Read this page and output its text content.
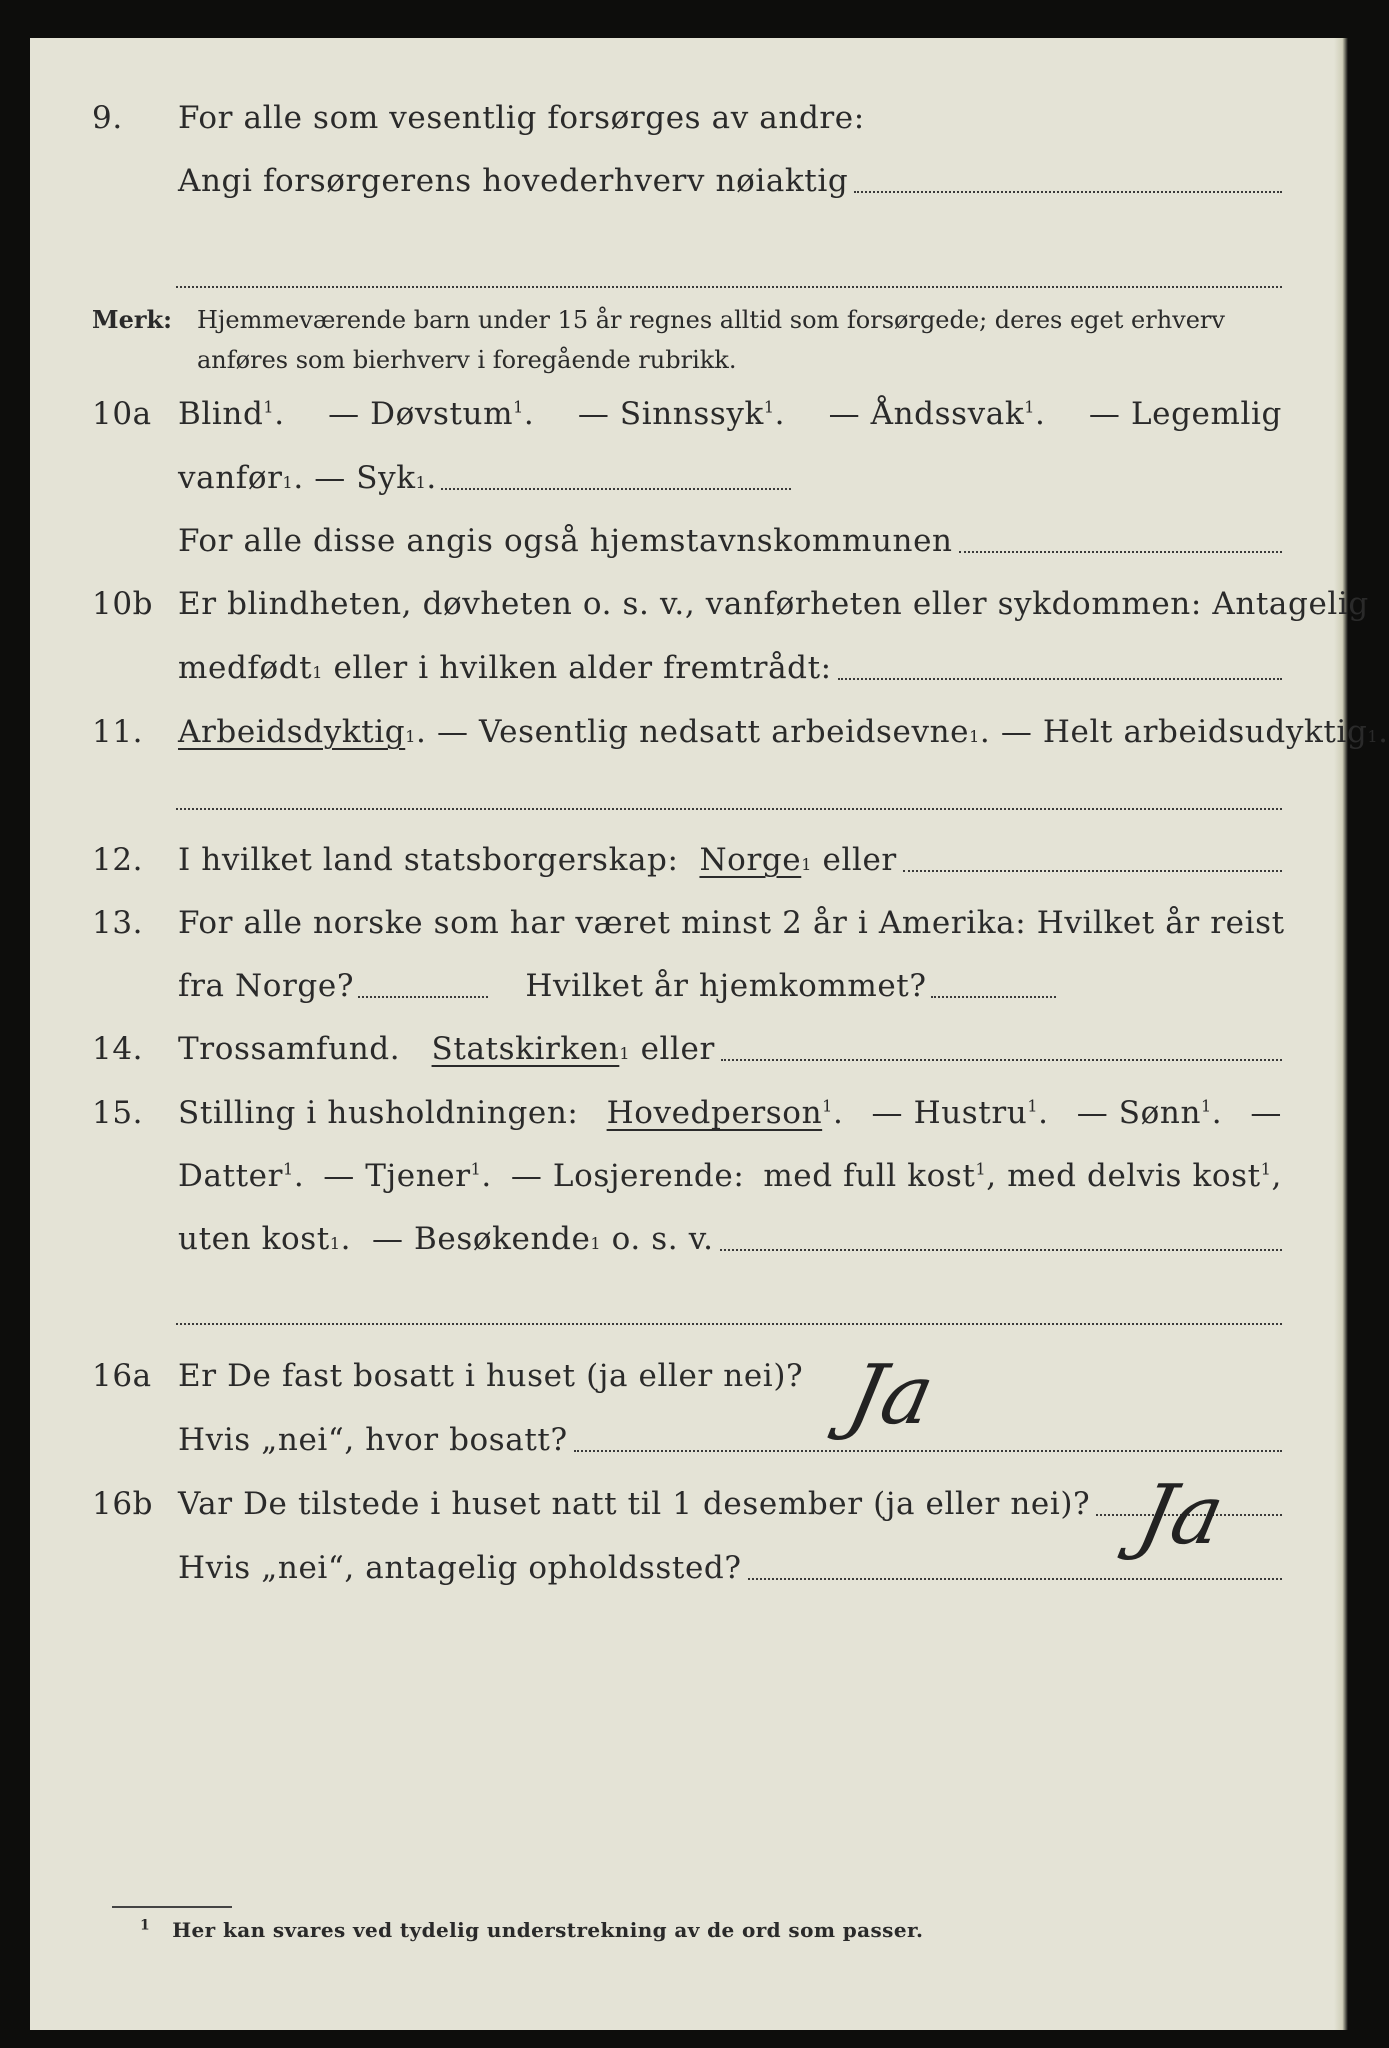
9.	For alle som vesentlig forsørges av andre:
Angi forsørgerens hovederhverv nøiaktig
Merk: Hjemmeværende barn under 15 år regnes alltid som forsørgede; deres eget erhverv
anføres som bierhverv i foregående rubrikk.
10a Blind$^1$. — Døvstum$^1$. — Sinnssyk$^1$. — Åndssvak$^1$. — Legemlig
vanfør 1 . — Syk 1 .
For alle disse angis også hjemstavnskommunen
10b Er blindheten, døvheten o. s. v., vanførheten eller sykdommen: Antagelig
medfødt 1
eller i hvilken alder fremtrådt:
11.	Arbeidsdyktig 1 . — Vesentlig nedsatt arbeidsevne 1 . — Helt arbeidsudyktig 1 .
12.	I hvilket land statsborgerskap:
Norge 1
eller
13.	For alle norske som har været minst 2 år i Amerika: Hvilket år reist
fra Norge?
	Hvilket år hjemkommet?
14.	Trossamfund.
Statskirken 1
eller
15.	Stilling i husholdningen: Hovedperson$^1$. — Hustru$^1$. — Sønn$^1$. —
Datter$^1$. — Tjener$^1$. — Losjerende: med full kost$^1$, med delvis kost$^1$,
uten kost 1 . — Besøkende 1
o. s. v.
16a Er De fast bosatt i huset (ja eller nei)?
Hvis „nei“, hvor bosatt?	Ja
16b Var De tilstede i huset natt til 1 desember (ja eller nei)?
Hvis „nei“, antagelig opholdssted?
Ja
$^1$ Her kan svares ved tydelig understrekning av de ord som passer.
